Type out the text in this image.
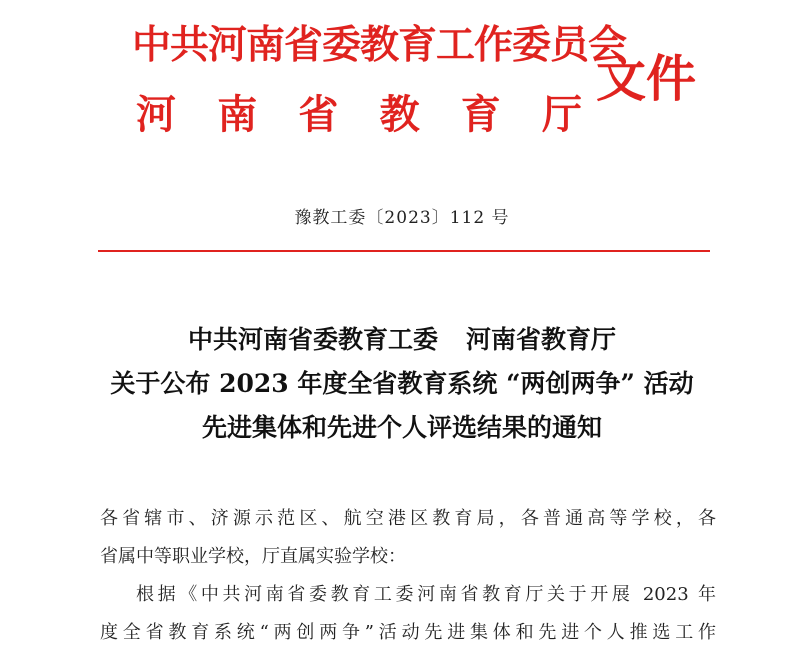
中共河南省委教育工作委员会
河南省教育厅
文件
豫教工委〔2023〕112 号
中共河南省委教育工委 河南省教育厅
关于公布 2023 年度全省教育系统 “两创两争” 活动
先进集体和先进个人评选结果的通知
各省辖市、济源示范区、航空港区教育局，各普通高等学校，各
省属中等职业学校，厅直属实验学校：
根据《中共河南省委教育工委河南省教育厅关于开展 2023 年
度全省教育系统“两创两争”活动先进集体和先进个人推选工作
